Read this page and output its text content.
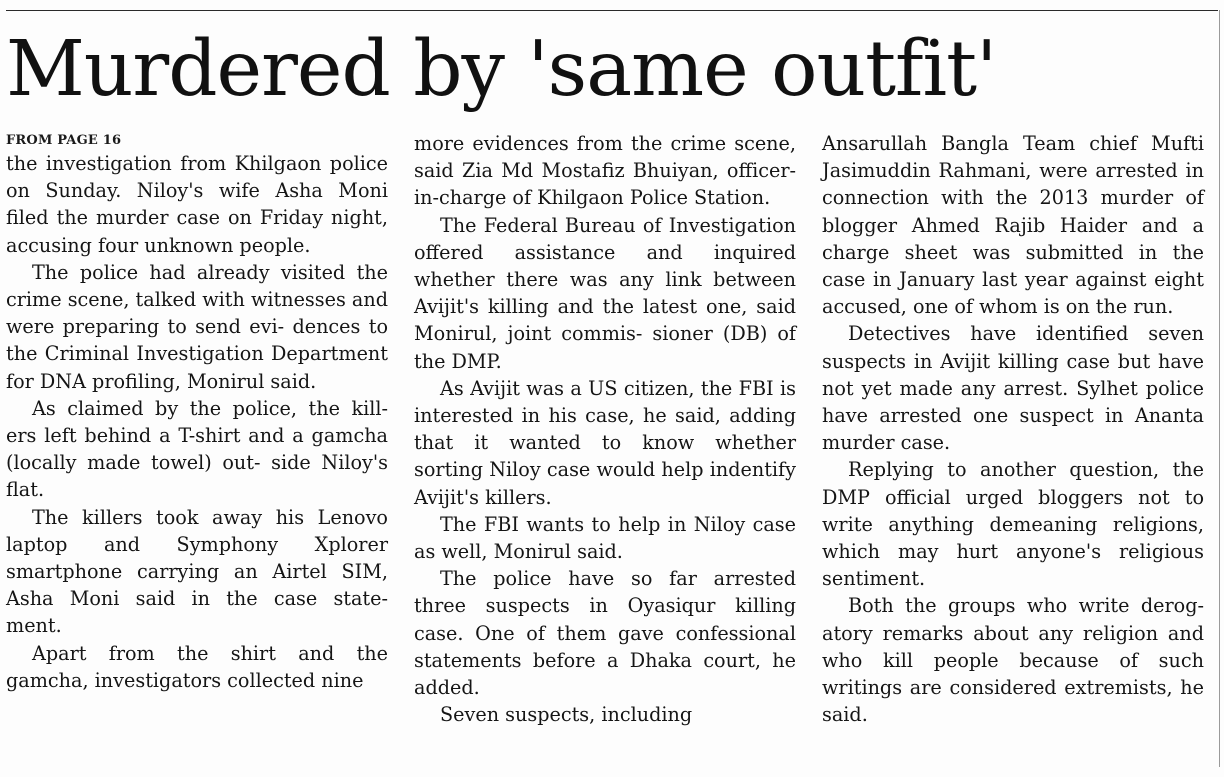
Murdered by 'same outfit'
FROM PAGE 16

the investigation from Khilgaon police on Sunday. Niloy's wife Asha Moni filed the murder case on Friday night, accusing four unknown people.

The police had already visited the crime scene, talked with witnesses and were preparing to send evi- dences to the Criminal Investigation Department for DNA profiling, Monirul said.

As claimed by the police, the kill- ers left behind a T-shirt and a gamcha (locally made towel) out- side Niloy's flat.

The killers took away his Lenovo laptop and Symphony Xplorer smartphone carrying an Airtel SIM, Asha Moni said in the case state- ment.

Apart from the shirt and the gamcha, investigators collected nine

more evidences from the crime scene, said Zia Md Mostafiz Bhuiyan, officer-in-charge of Khilgaon Police Station.

The Federal Bureau of Investigation offered assistance and inquired whether there was any link between Avijit's killing and the latest one, said Monirul, joint commis- sioner (DB) of the DMP.

As Avijit was a US citizen, the FBI is interested in his case, he said, adding that it wanted to know whether sorting Niloy case would help indentify Avijit's killers.

The FBI wants to help in Niloy case as well, Monirul said.

The police have so far arrested three suspects in Oyasiqur killing case. One of them gave confessional statements before a Dhaka court, he added.

Seven suspects, including

Ansarullah Bangla Team chief Mufti Jasimuddin Rahmani, were arrested in connection with the 2013 murder of blogger Ahmed Rajib Haider and a charge sheet was submitted in the case in January last year against eight accused, one of whom is on the run.

Detectives have identified seven suspects in Avijit killing case but have not yet made any arrest. Sylhet police have arrested one suspect in Ananta murder case.

Replying to another question, the DMP official urged bloggers not to write anything demeaning religions, which may hurt anyone's religious sentiment.

Both the groups who write derog- atory remarks about any religion and who kill people because of such writings are considered extremists, he said.
